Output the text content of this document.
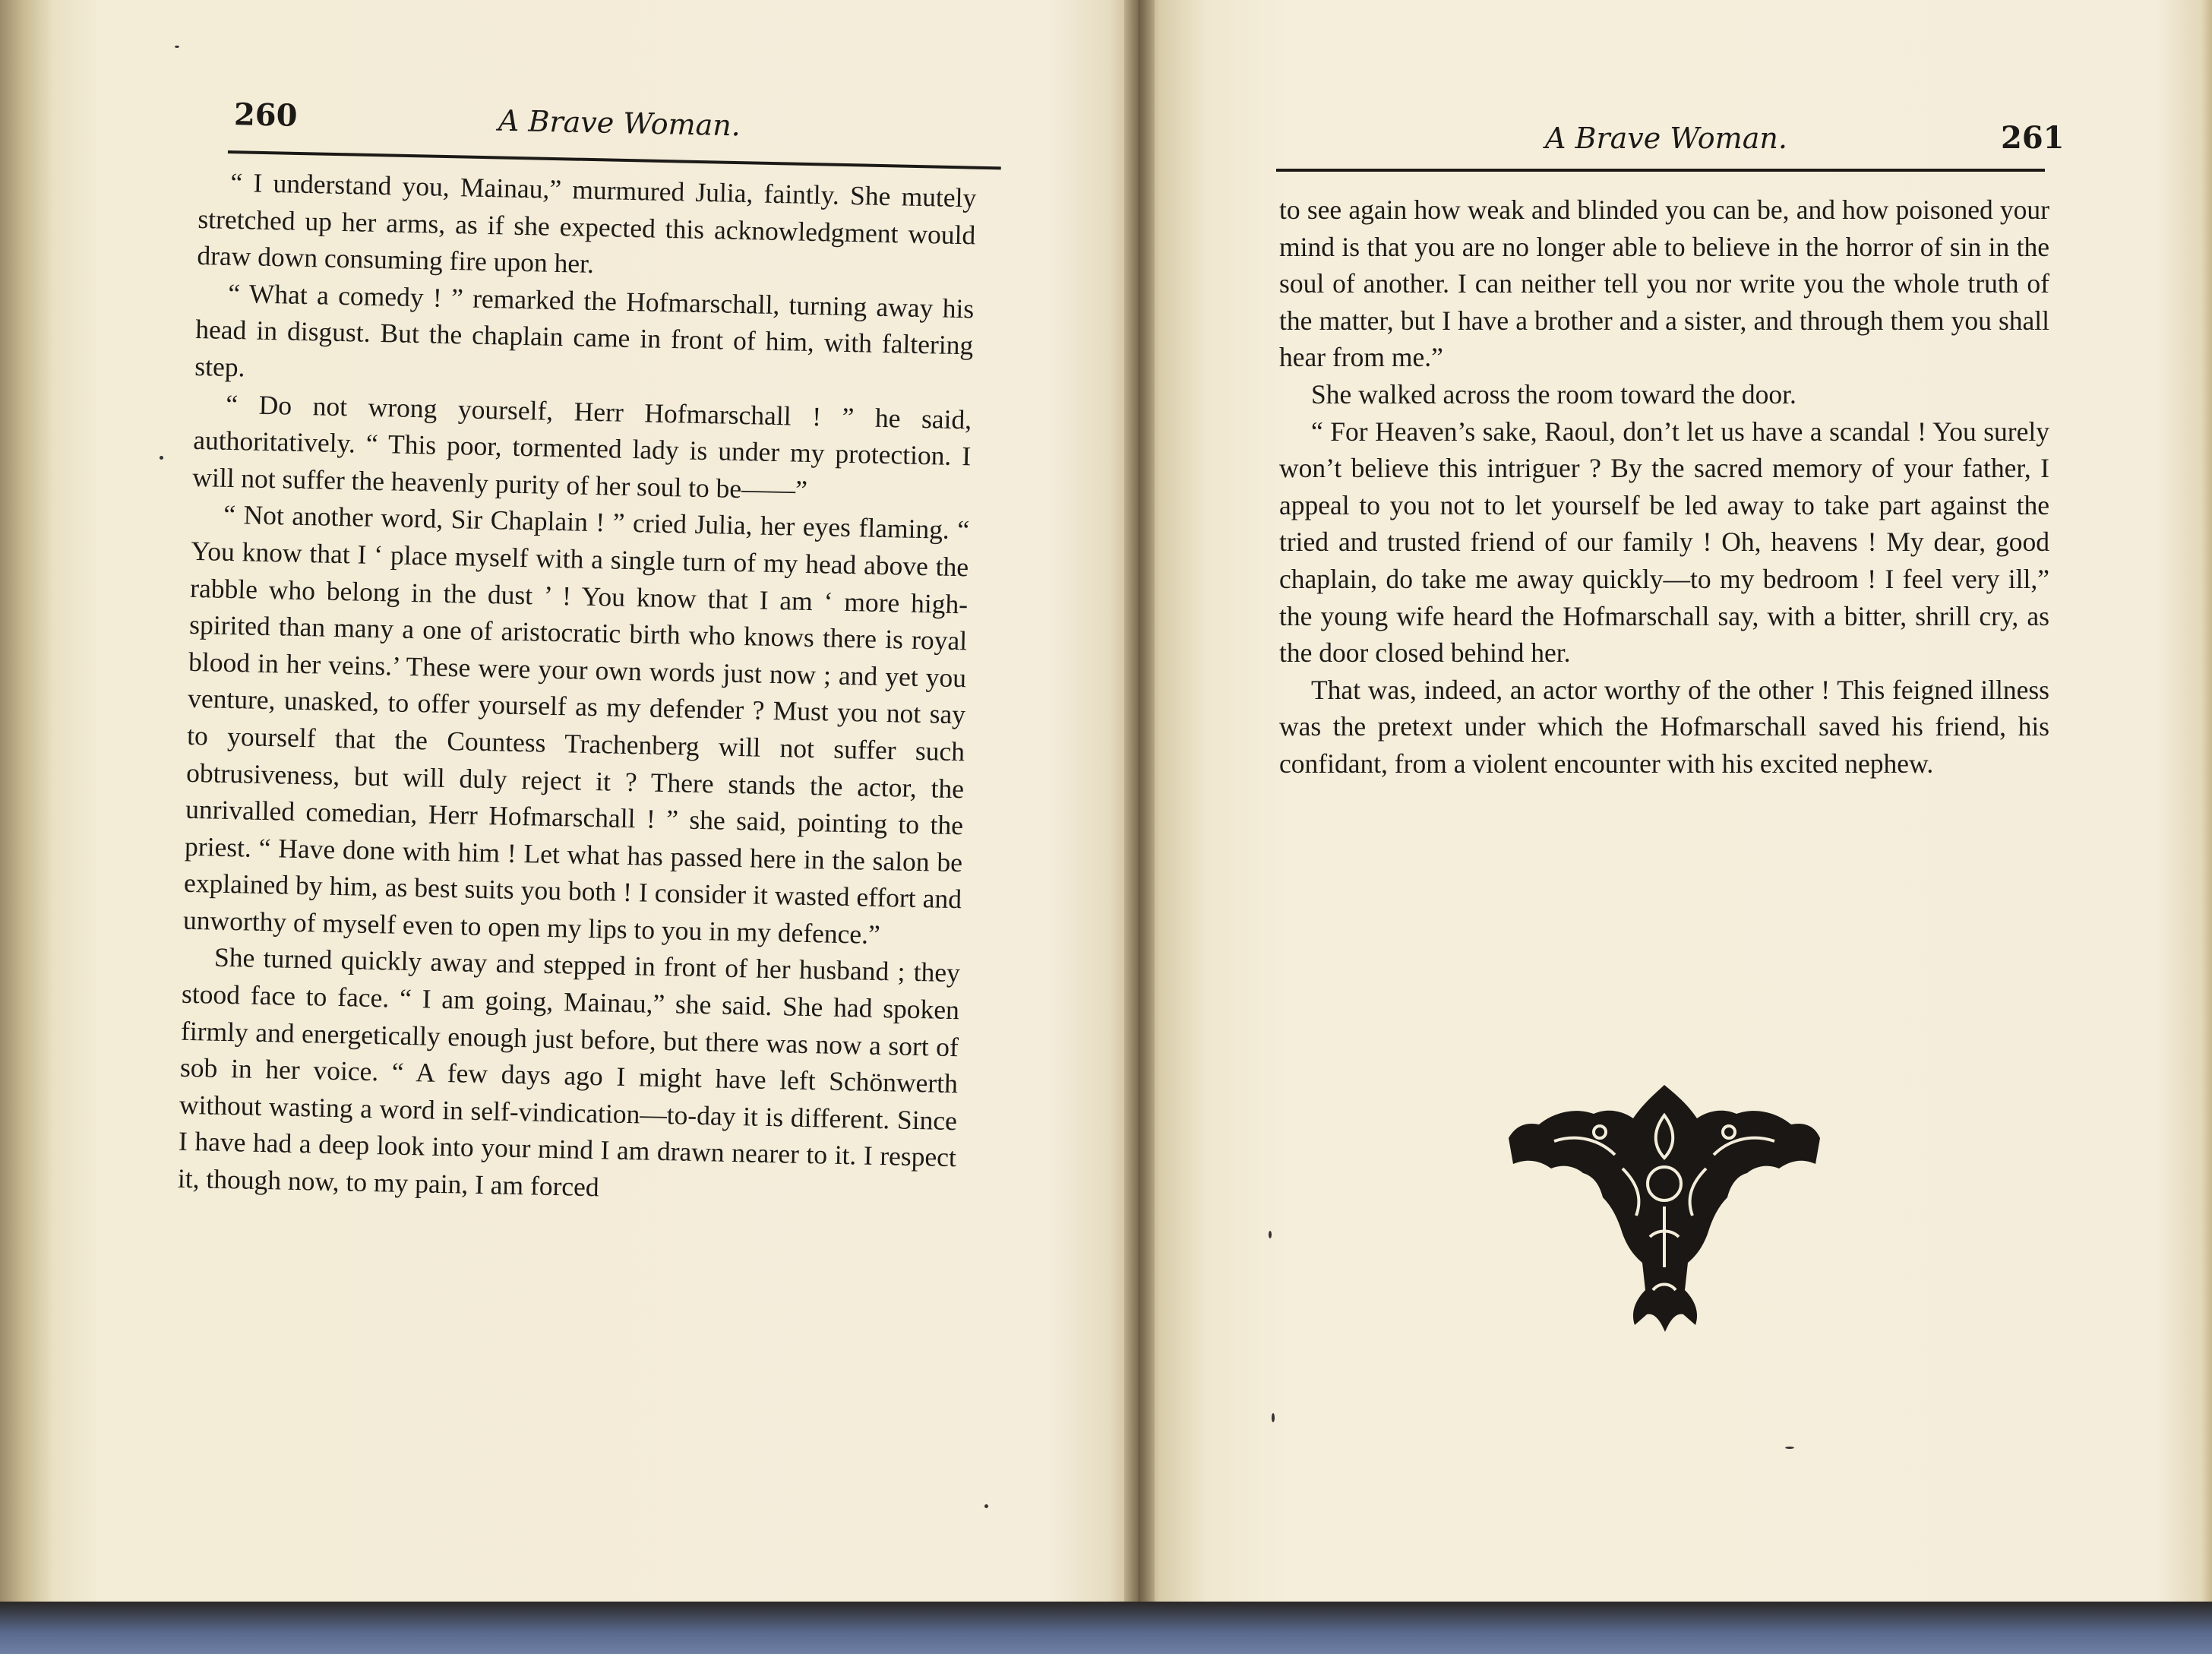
260	A Brave Woman.

“ I understand you, Mainau,” murmured Julia, faintly. She mutely stretched up her arms, as if she expected this acknowledgment would draw down consuming fire upon her.

“ What a comedy ! ” remarked the Hofmarschall, turning away his head in disgust. But the chaplain came in front of him, with faltering step.

“ Do not wrong yourself, Herr Hofmarschall ! ” he said, authoritatively. “ This poor, tormented lady is under my protection. I will not suffer the heavenly purity of her soul to be——”

“ Not another word, Sir Chaplain ! ” cried Julia, her eyes flaming. “ You know that I ‘ place myself with a single turn of my head above the rabble who belong in the dust ’ ! You know that I am ‘ more high-spirited than many a one of aristocratic birth who knows there is royal blood in her veins.’ These were your own words just now ; and yet you venture, unasked, to offer yourself as my defender ? Must you not say to yourself that the Countess Trachenberg will not suffer such obtrusiveness, but will duly reject it ? There stands the actor, the unrivalled comedian, Herr Hofmarschall ! ” she said, pointing to the priest. “ Have done with him ! Let what has passed here in the salon be explained by him, as best suits you both ! I consider it wasted effort and unworthy of myself even to open my lips to you in my defence.”

She turned quickly away and stepped in front of her husband ; they stood face to face. “ I am going, Mainau,” she said. She had spoken firmly and energetically enough just before, but there was now a sort of sob in her voice. “ A few days ago I might have left Schönwerth without wasting a word in self-vindication—to-day it is different. Since I have had a deep look into your mind I am drawn nearer to it. I respect it, though now, to my pain, I am forced

A Brave Woman.	261

to see again how weak and blinded you can be, and how poisoned your mind is that you are no longer able to believe in the horror of sin in the soul of another. I can neither tell you nor write you the whole truth of the matter, but I have a brother and a sister, and through them you shall hear from me.”

She walked across the room toward the door.

“ For Heaven’s sake, Raoul, don’t let us have a scandal ! You surely won’t believe this intriguer ? By the sacred memory of your father, I appeal to you not to let yourself be led away to take part against the tried and trusted friend of our family ! Oh, heavens ! My dear, good chaplain, do take me away quickly—to my bedroom ! I feel very ill,” the young wife heard the Hofmarschall say, with a bitter, shrill cry, as the door closed behind her.

That was, indeed, an actor worthy of the other ! This feigned illness was the pretext under which the Hofmarschall saved his friend, his confidant, from a violent encounter with his excited nephew.
